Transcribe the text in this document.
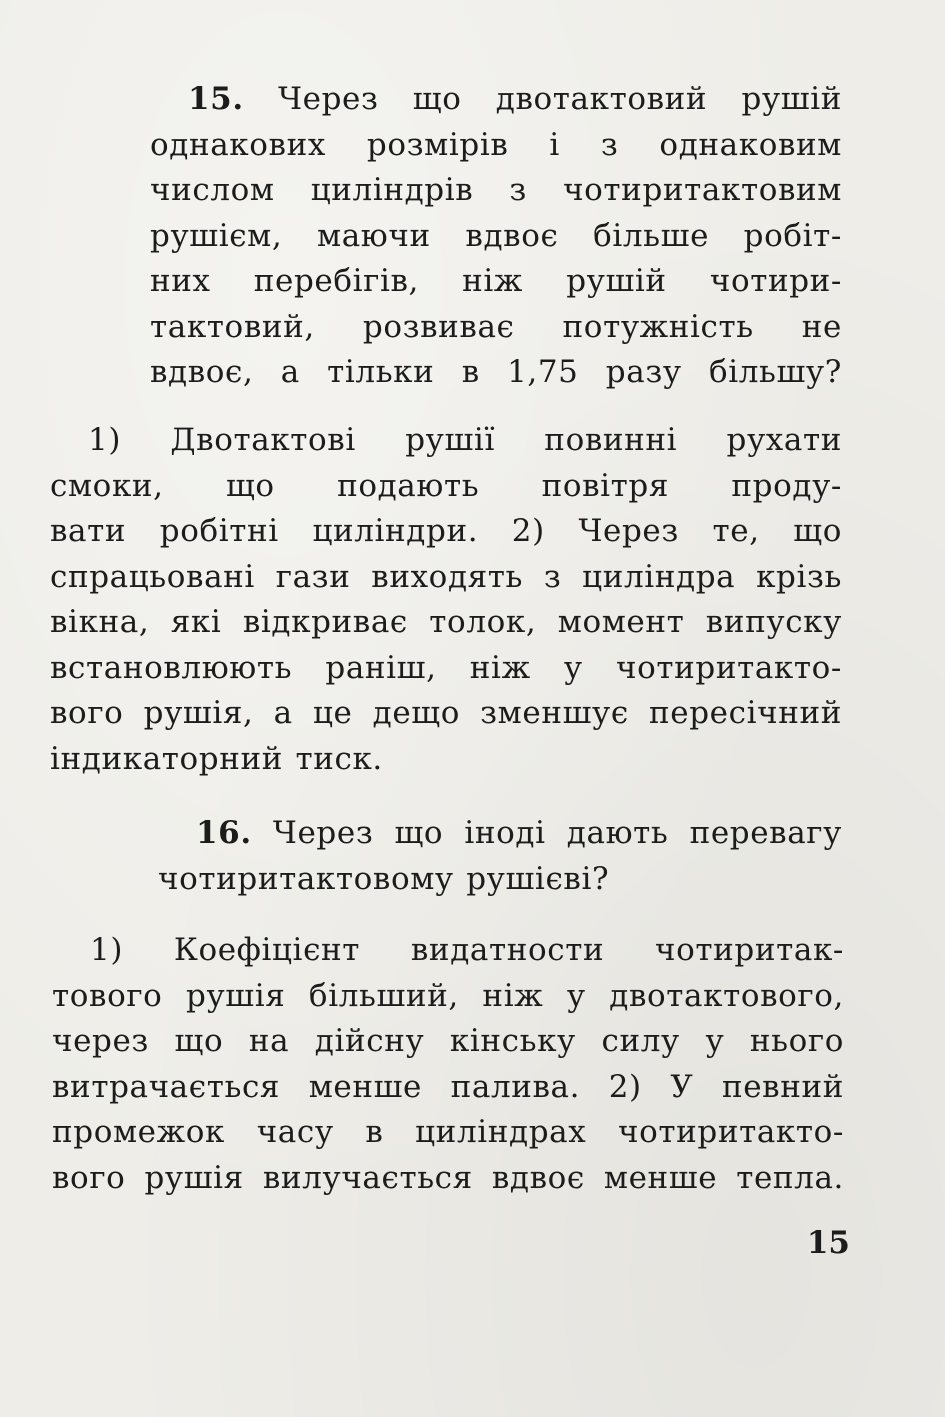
15. Через що двотактовий рушій
однакових розмірів і з однаковим
числом циліндрів з чотиритактовим
рушієм, маючи вдвоє більше робіт-
них перебігів, ніж рушій чотири-
тактовий, розвиває потужність не
вдвоє, а тільки в 1,75 разу більшу?
1) Двотактові рушії повинні рухати
смоки, що подають повітря проду-
вати робітні циліндри. 2) Через те, що
спрацьовані гази виходять з циліндра крізь
вікна, які відкриває толок, момент випуску
встановлюють раніш, ніж у чотиритакто-
вого рушія, а це дещо зменшує пересічний
індикаторний тиск.
16. Через що іноді дають перевагу
чотиритактовому рушієві?
1) Коефіцієнт видатности чотиритак-
тового рушія більший, ніж у двотактового,
через що на дійсну кінську силу у нього
витрачається менше палива. 2) У певний
промежок часу в циліндрах чотиритакто-
вого рушія вилучається вдвоє менше тепла.
15
